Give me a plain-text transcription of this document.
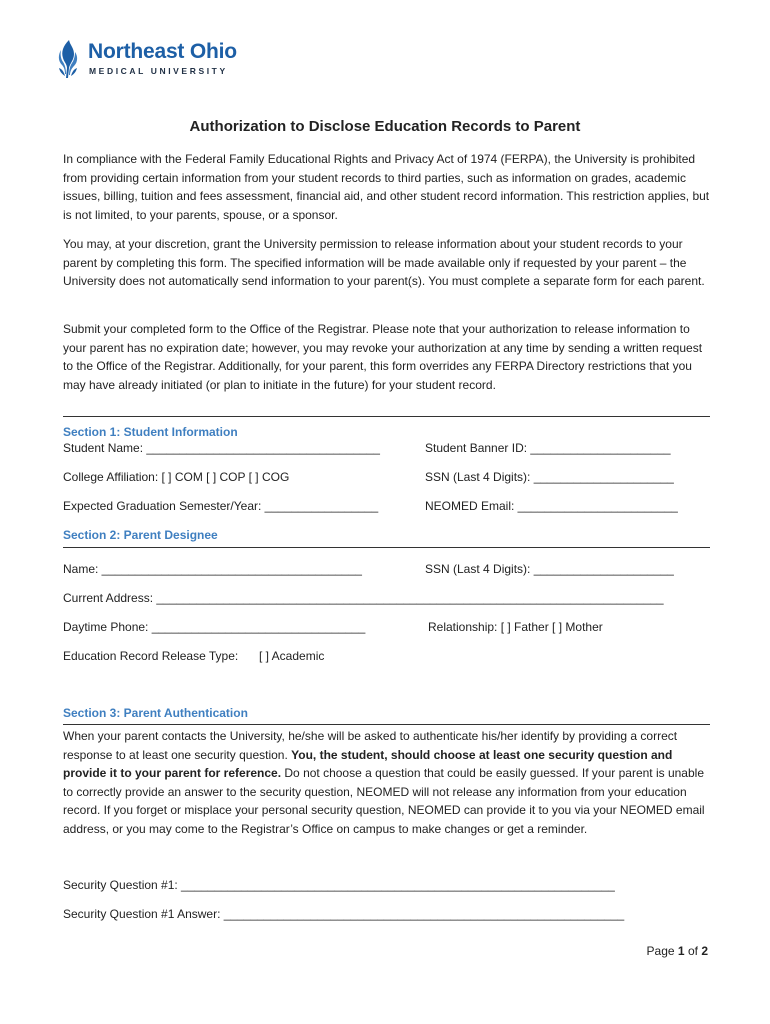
Northeast Ohio
MEDICAL UNIVERSITY
Authorization to Disclose Education Records to Parent
In compliance with the Federal Family Educational Rights and Privacy Act of 1974 (FERPA), the University is prohibited from providing certain information from your student records to third parties, such as information on grades, academic issues, billing, tuition and fees assessment, financial aid, and other student record information. This restriction applies, but is not limited, to your parents, spouse, or a sponsor.
You may, at your discretion, grant the University permission to release information about your student records to your parent by completing this form. The specified information will be made available only if requested by your parent – the University does not automatically send information to your parent(s). You must complete a separate form for each parent.
Submit your completed form to the Office of the Registrar. Please note that your authorization to release information to your parent has no expiration date; however, you may revoke your authorization at any time by sending a written request to the Office of the Registrar. Additionally, for your parent, this form overrides any FERPA Directory restrictions that you may have already initiated (or plan to initiate in the future) for your student record.
Section 1: Student Information
Student Name: ___________________________________	Student Banner ID: _____________________
College Affiliation: [ ] COM [ ] COP [ ] COG	SSN (Last 4 Digits): _____________________
Expected Graduation Semester/Year: _________________	NEOMED Email: ________________________
Section 2: Parent Designee
Name: _______________________________________	SSN (Last 4 Digits): _____________________
Current Address: ____________________________________________________________________________
Daytime Phone: ________________________________	Relationship: [ ] Father [ ] Mother
Education Record Release Type: [ ] Academic
Section 3: Parent Authentication
When your parent contacts the University, he/she will be asked to authenticate his/her identify by providing a correct response to at least one security question. You, the student, should choose at least one security question and provide it to your parent for reference. Do not choose a question that could be easily guessed. If your parent is unable to correctly provide an answer to the security question, NEOMED will not release any information from your education record. If you forget or misplace your personal security question, NEOMED can provide it to you via your NEOMED email address, or you may come to the Registrar’s Office on campus to make changes or get a reminder.
Security Question #1: _________________________________________________________________
Security Question #1 Answer: ____________________________________________________________
Page 1 of 2
